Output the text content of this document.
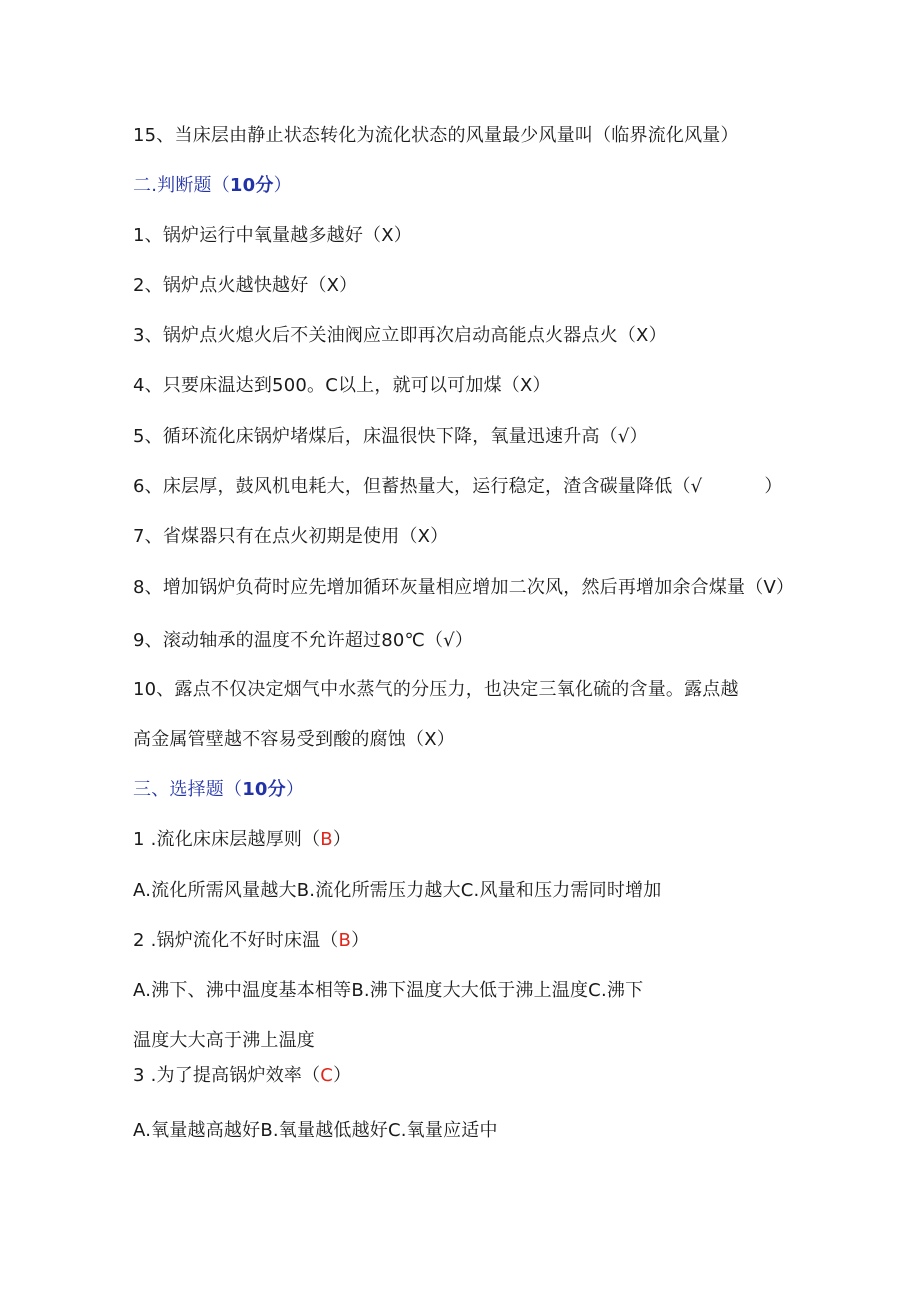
15、当床层由静止状态转化为流化状态的风量最少风量叫（临界流化风量）
二.判断题（10分）
1、锅炉运行中氧量越多越好（X）
2、锅炉点火越快越好（X）
3、锅炉点火熄火后不关油阀应立即再次启动高能点火器点火（X）
4、只要床温达到500。C以上，就可以可加煤（X）
5、循环流化床锅炉堵煤后，床温很快下降，氧量迅速升高（√）
6、床层厚，鼓风机电耗大，但蓄热量大，运行稳定，渣含碳量降低（√	）
7、省煤器只有在点火初期是使用（X）
8、增加锅炉负荷时应先增加循环灰量相应增加二次风，然后再增加余合煤量（V）
9、滚动轴承的温度不允许超过80℃（√）
10、露点不仅决定烟气中水蒸气的分压力，也决定三氧化硫的含量。露点越
高金属管壁越不容易受到酸的腐蚀（X）
三、选择题（10分）
1 .流化床床层越厚则（B）
A.流化所需风量越大B.流化所需压力越大C.风量和压力需同时增加
2 .锅炉流化不好时床温（B）
A.沸下、沸中温度基本相等B.沸下温度大大低于沸上温度C.沸下
温度大大高于沸上温度
3 .为了提高锅炉效率（C）
A.氧量越高越好B.氧量越低越好C.氧量应适中
